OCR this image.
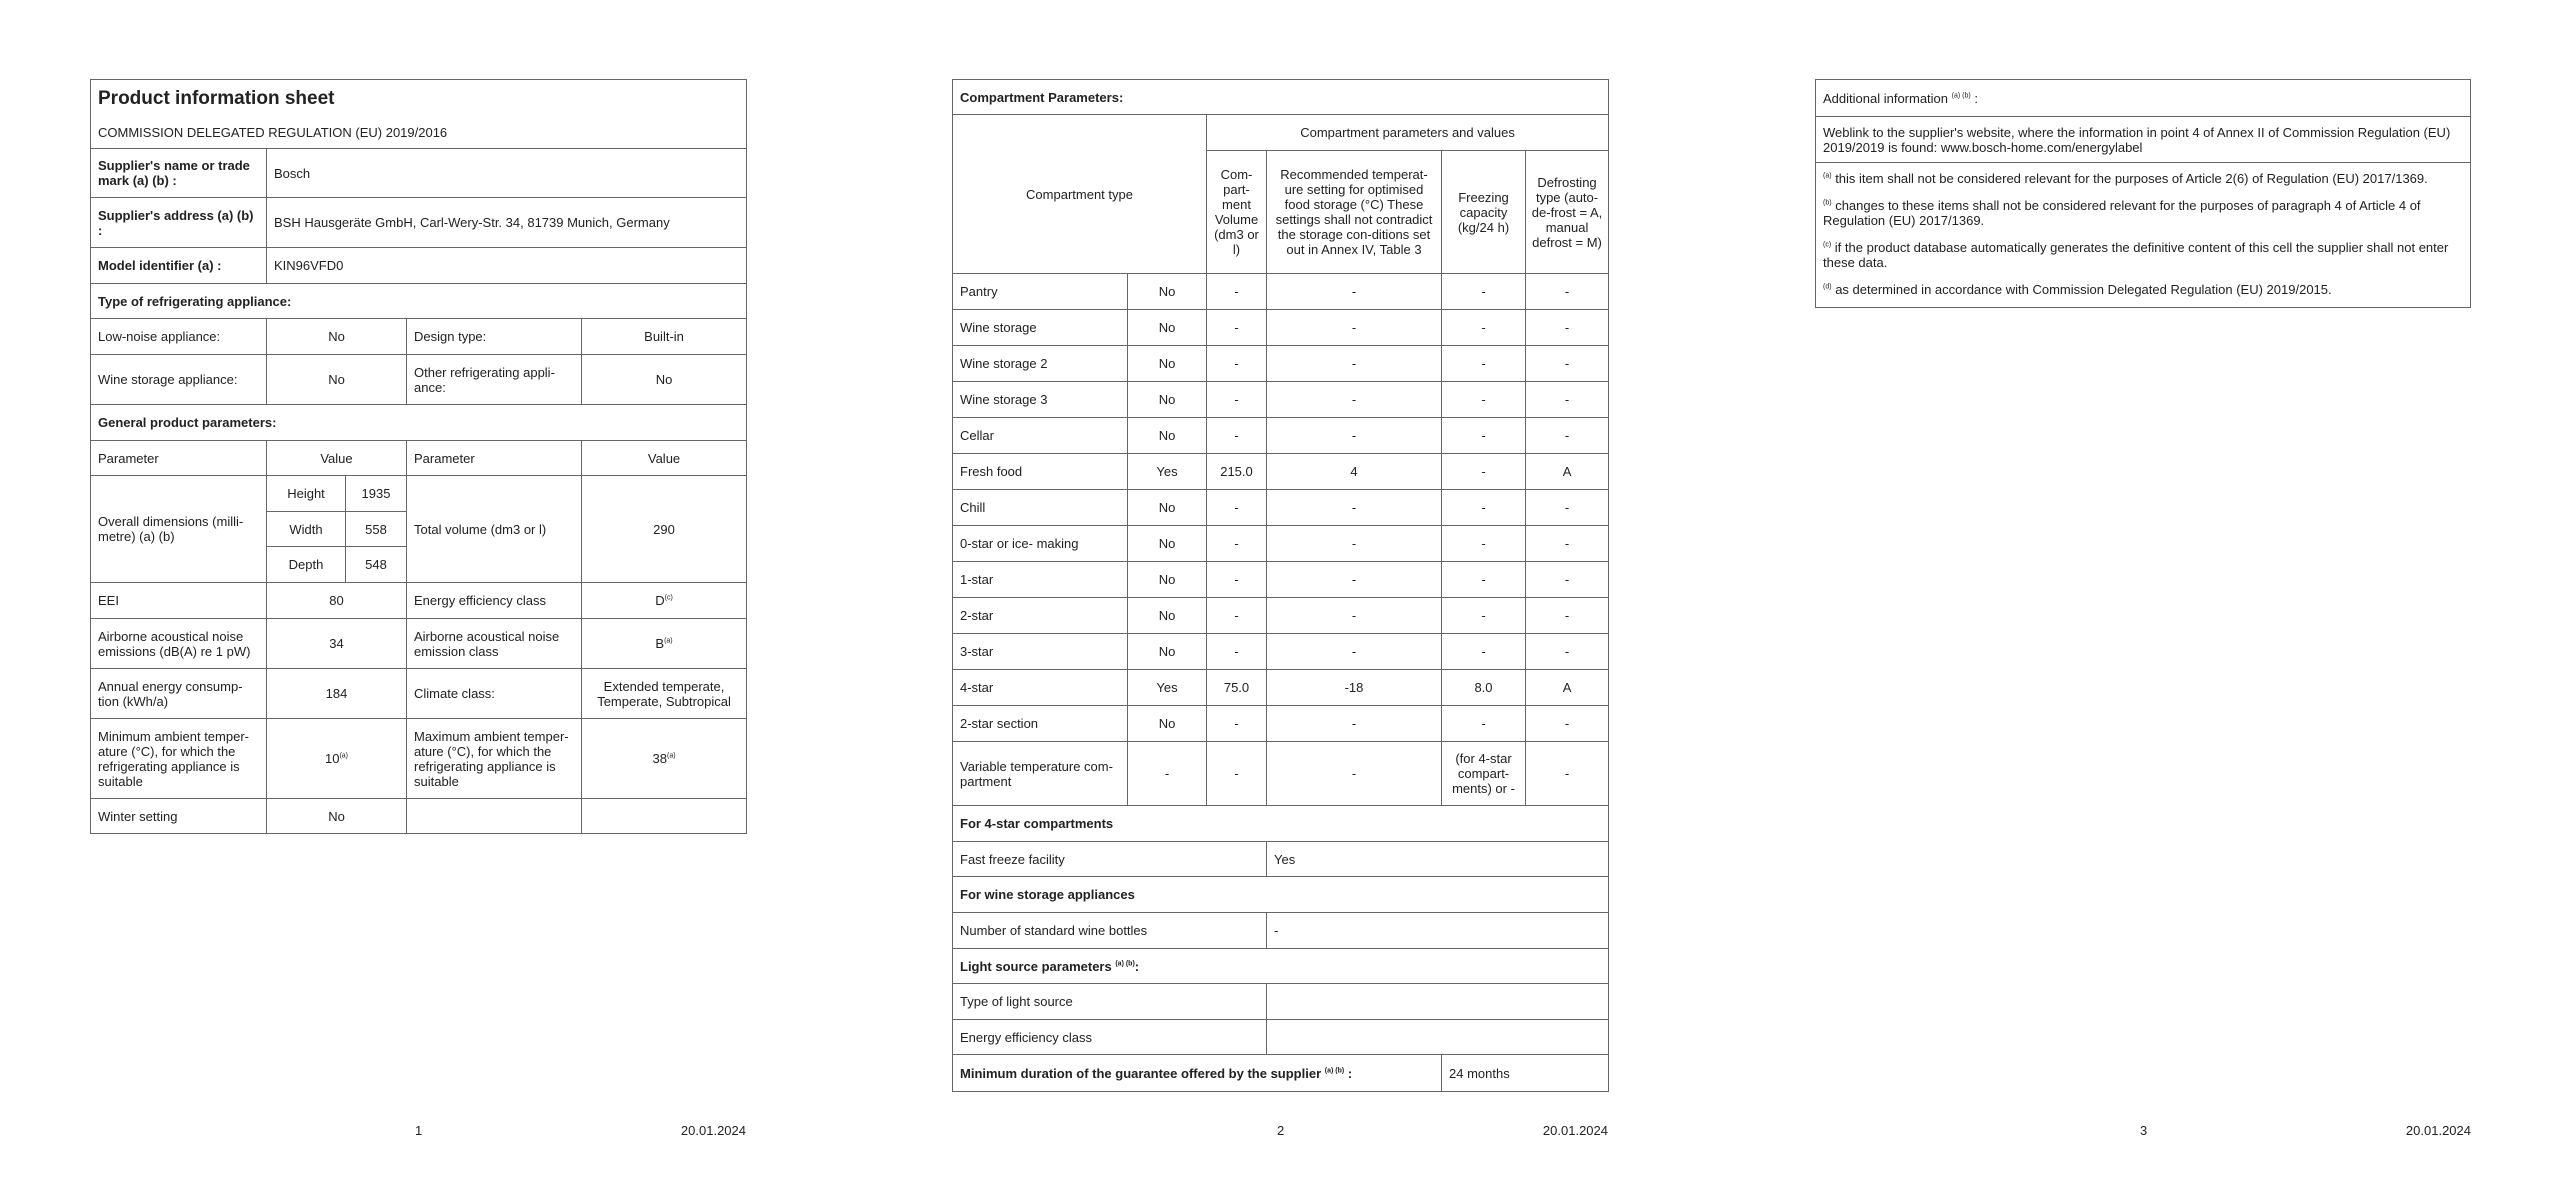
Product information sheet				
COMMISSION DELEGATED REGULATION (EU) 2019/2016				
Supplier's name or trade mark (a) (b) :	Bosch			
Supplier's address (a) (b) :	BSH Hausgeräte GmbH, Carl-Wery-Str. 34, 81739 Munich, Germany			
Model identifier (a) :	KIN96VFD0			
Type of refrigerating appliance:				
Low-noise appliance:	No		Design type:	Built-in
Wine storage appliance:	No		Other refrigerating appli-ance:	No
General product parameters:				
Parameter	Value		Parameter	Value
Overall dimensions (milli-metre) (a) (b)	Height	1935	Total volume (dm3 or l)	290
	Width	558		
	Depth	548		
EEI	80		Energy efficiency class	$D^{(c)}$
Airborne acoustical noise emissions (dB(A) re 1 pW)	34		Airborne acoustical noise emission class	$B^{(a)}$
Annual energy consump-tion (kWh/a)	184		Climate class:	Extended temperate, Temperate, Subtropical
Minimum ambient temper-ature (°C), for which the refrigerating appliance is suitable	10$^{(a)}$		Maximum ambient temper-ature (°C), for which the refrigerating appliance is suitable	38$^{(a)}$
Winter setting	No			
1	20.01.2024
Compartment Parameters:					
Compartment type		Compartment parameters and values			
		Com-part-ment Volume (dm3 or l)	Recommended temperat-ure setting for optimised food storage (°C) These settings shall not contradict the storage con-ditions set out in Annex IV, Table 3	Freezing capacity (kg/24 h)	Defrosting type (auto-de-frost = A, manual defrost = M)
Pantry	No	-	-	-	-
Wine storage	No	-	-	-	-
Wine storage 2	No	-	-	-	-
Wine storage 3	No	-	-	-	-
Cellar	No	-	-	-	-
Fresh food	Yes	215.0	4	-	A
Chill	No	-	-	-	-
0-star or ice- making	No	-	-	-	-
1-star	No	-	-	-	-
2-star	No	-	-	-	-
3-star	No	-	-	-	-
4-star	Yes	75.0	-18	8.0	A
2-star section	No	-	-	-	-
Variable temperature com-partment	-	-	-	(for 4-star compart-ments) or -	-
For 4-star compartments					
Fast freeze facility			Yes		
For wine storage appliances					
Number of standard wine bottles			-		
Light source parameters $^{(a) (b)}$:					
Type of light source					
Energy efficiency class					
Minimum duration of the guarantee offered by the supplier $^{(a) (b)}$ :				24 months	
2	20.01.2024
Additional information $^{(a) (b)}$ :
Weblink to the supplier's website, where the information in point 4 of Annex II of Commission Regulation (EU) 2019/2019 is found: www.bosch-home.com/energylabel

$^{(a)}$ this item shall not be considered relevant for the purposes of Article 2(6) of Regulation (EU) 2017/1369.
$^{(b)}$ changes to these items shall not be considered relevant for the purposes of paragraph 4 of Article 4 of Regulation (EU) 2017/1369.
$^{(c)}$ if the product database automatically generates the definitive content of this cell the supplier shall not enter these data.
$^{(d)}$ as determined in accordance with Commission Delegated Regulation (EU) 2019/2015.
3	20.01.2024
